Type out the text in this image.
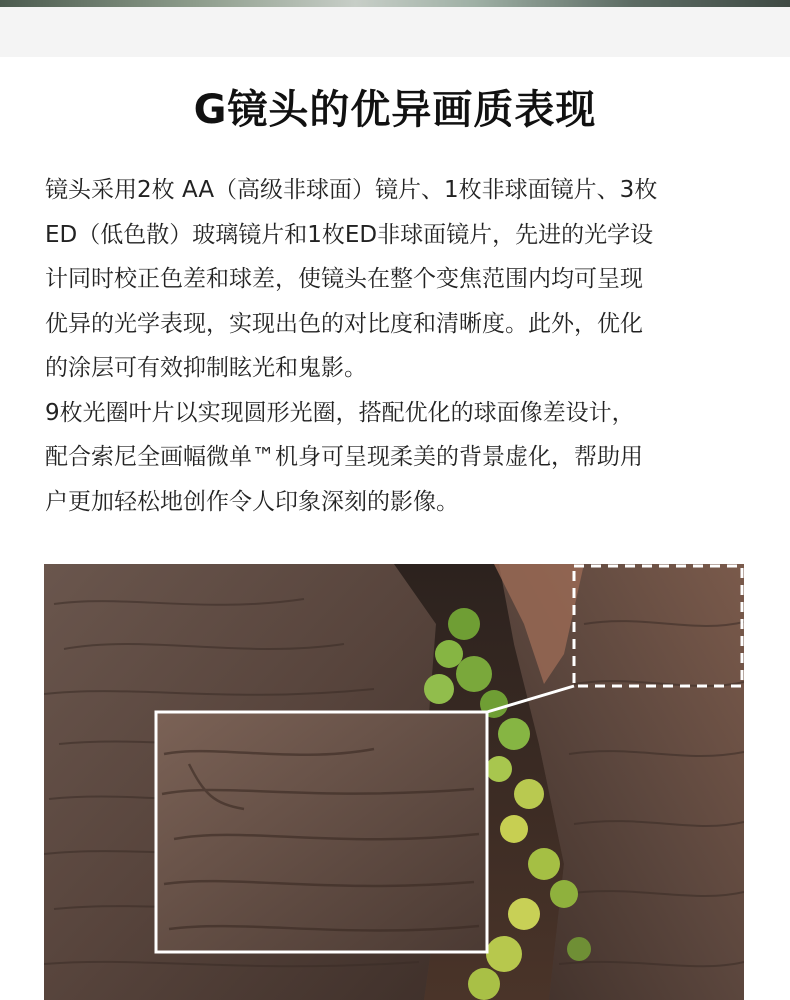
G镜头的优异画质表现
镜头采用2枚 AA（高级非球面）镜片、1枚非球面镜片、3枚
ED（低色散）玻璃镜片和1枚ED非球面镜片，先进的光学设
计同时校正色差和球差，使镜头在整个变焦范围内均可呈现
优异的光学表现，实现出色的对比度和清晰度。此外，优化
的涂层可有效抑制眩光和鬼影。
9枚光圈叶片以实现圆形光圈，搭配优化的球面像差设计，
配合索尼全画幅微单™机身可呈现柔美的背景虚化，帮助用
户更加轻松地创作令人印象深刻的影像。
